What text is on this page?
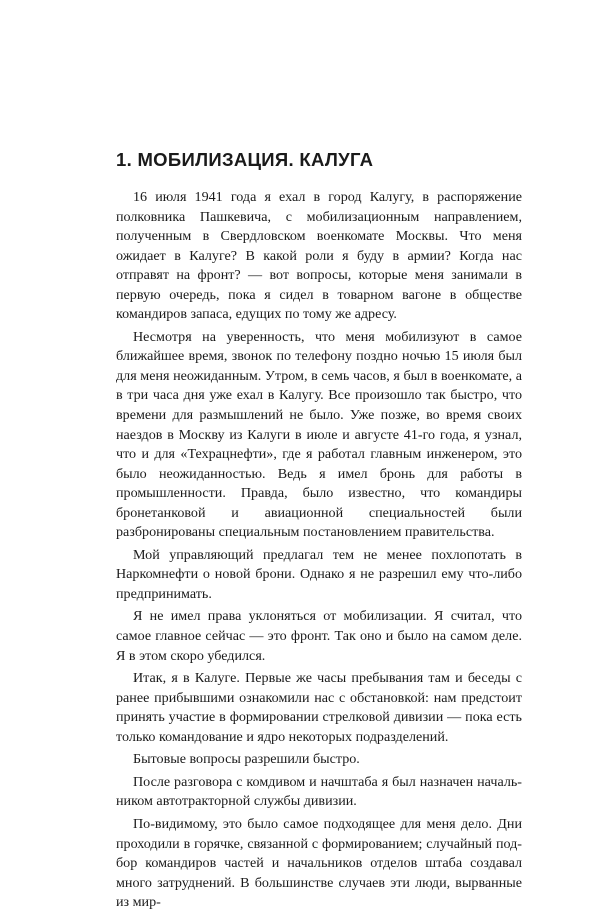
1. МОБИЛИЗАЦИЯ. КАЛУГА

16 июля 1941 года я ехал в город Калугу, в распоряжение полковника Пашкевича, с мобилизационным направлением, полученным в Свердловском военкомате Москвы. Что меня ожидает в Калуге? В какой роли я буду в армии? Когда нас отправят на фронт? — вот вопросы, которые меня занимали в первую очередь, пока я сидел в товарном вагоне в обществе командиров запаса, едущих по тому же адресу.

Несмотря на уверенность, что меня мобилизуют в самое ближайшее время, звонок по телефону поздно ночью 15 июля был для меня неожиданным. Утром, в семь часов, я был в военкомате, а в три часа дня уже ехал в Калугу. Все произошло так быстро, что времени для размышлений не было. Уже позже, во время своих наездов в Москву из Калуги в июле и августе 41-го года, я узнал, что и для «Техрацнефти», где я работал главным инженером, это было неожиданностью. Ведь я имел бронь для работы в промышленности. Правда, было известно, что командиры бронетанковой и авиационной специальностей были разбронированы специальным постановлением правительства.

Мой управляющий предлагал тем не менее похлопотать в Наркомнефти о новой брони. Однако я не разрешил ему что-либо предпринимать.

Я не имел права уклоняться от мобилизации. Я считал, что самое главное сейчас — это фронт. Так оно и было на самом деле. Я в этом скоро убедился.

Итак, я в Калуге. Первые же часы пребывания там и беседы с ранее прибывшими ознакомили нас с обстановкой: нам предстоит принять участие в формировании стрелковой дивизии — пока есть только командование и ядро некоторых подразделений.

Бытовые вопросы разрешили быстро.

После разговора с комдивом и начштаба я был назначен начальником автотракторной службы дивизии.

По-видимому, это было самое подходящее для меня дело. Дни проходили в горячке, связанной с формированием; случайный подбор командиров частей и начальников отделов штаба создавал много затруднений. В большинстве случаев эти люди, вырванные из мир-
